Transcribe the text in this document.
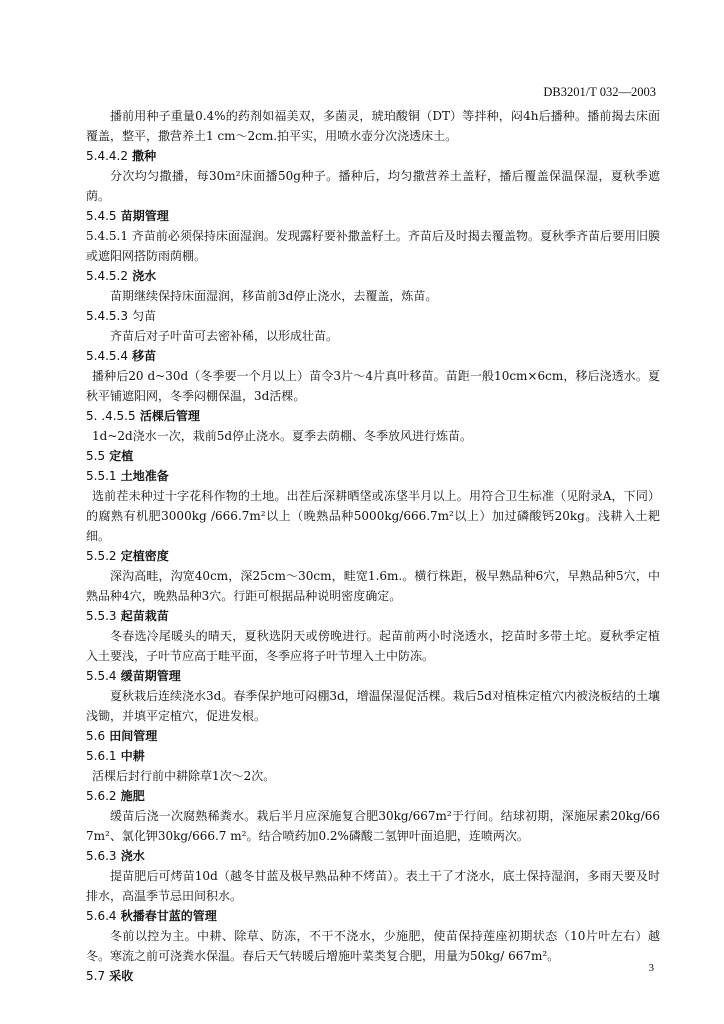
DB3201/T 032—2003

播前用种子重量0.4%的药剂如福美双，多菌灵，琥珀酸铜（DT）等拌种，闷4h后播种。播前揭去床面覆盖，整平，撒营养土1 cm～2cm.拍平实，用喷水壶分次浇透床土。

5.4.4.2 撒种

分次均匀撒播，每30m²床面播50g种子。播种后，均匀撒营养土盖籽，播后覆盖保温保湿，夏秋季遮荫。

5.4.5 苗期管理

5.4.5.1 齐苗前必须保持床面湿润。发现露籽要补撒盖籽土。齐苗后及时揭去覆盖物。夏秋季齐苗后要用旧膜或遮阳网搭防雨荫棚。

5.4.5.2 浇水

苗期继续保持床面湿润，移苗前3d停止浇水，去覆盖，炼苗。

5.4.5.3 匀苗

齐苗后对子叶苗可去密补稀，以形成壮苗。

5.4.5.4 移苗

播种后20 d~30d（冬季要一个月以上）苗令3片～4片真叶移苗。苗距一般10cm×6cm，移后浇透水。夏秋平铺遮阳网，冬季闷棚保温，3d活棵。

5. .4.5.5 活棵后管理

1d~2d浇水一次，栽前5d停止浇水。夏季去荫棚、冬季放风进行炼苗。

5.5 定植

5.5.1 土地准备

选前茬未种过十字花科作物的土地。出茬后深耕晒垡或冻垡半月以上。用符合卫生标准（见附录A，下同）的腐熟有机肥3000kg /666.7m²以上（晚熟品种5000kg/666.7m²以上）加过磷酸钙20kg。浅耕入土耙细。

5.5.2 定植密度

深沟高畦，沟宽40cm，深25cm～30cm，畦宽1.6m.。横行株距，极早熟品种6穴，早熟品种5穴，中熟品种4穴，晚熟品种3穴。行距可根据品种说明密度确定。

5.5.3 起苗栽苗

冬春选冷尾暖头的晴天，夏秋选阴天或傍晚进行。起苗前两小时浇透水，挖苗时多带土坨。夏秋季定植入土要浅，子叶节应高于畦平面，冬季应将子叶节埋入土中防冻。

5.5.4 缓苗期管理

夏秋栽后连续浇水3d。春季保护地可闷棚3d，增温保湿促活棵。栽后5d对植株定植穴内被浇板结的土壤浅锄，并填平定植穴，促进发根。

5.6 田间管理

5.6.1 中耕

活棵后封行前中耕除草1次～2次。

5.6.2 施肥

缓苗后浇一次腐熟稀粪水。栽后半月应深施复合肥30kg/667m²于行间。结球初期，深施尿素20kg/667m²、氯化钾30kg/666.7 m²。结合喷药加0.2%磷酸二氢钾叶面追肥，连喷两次。

5.6.3 浇水

提苗肥后可烤苗10d（越冬甘蓝及极早熟品种不烤苗）。表土干了才浇水，底土保持湿润，多雨天要及时排水，高温季节忌田间积水。

5.6.4 秋播春甘蓝的管理

冬前以控为主。中耕、除草、防冻，不干不浇水，少施肥，使苗保持莲座初期状态（10片叶左右）越冬。寒流之前可浇粪水保温。春后天气转暖后增施叶菜类复合肥，用量为50kg/ 667m²。

5.7 采收

3
